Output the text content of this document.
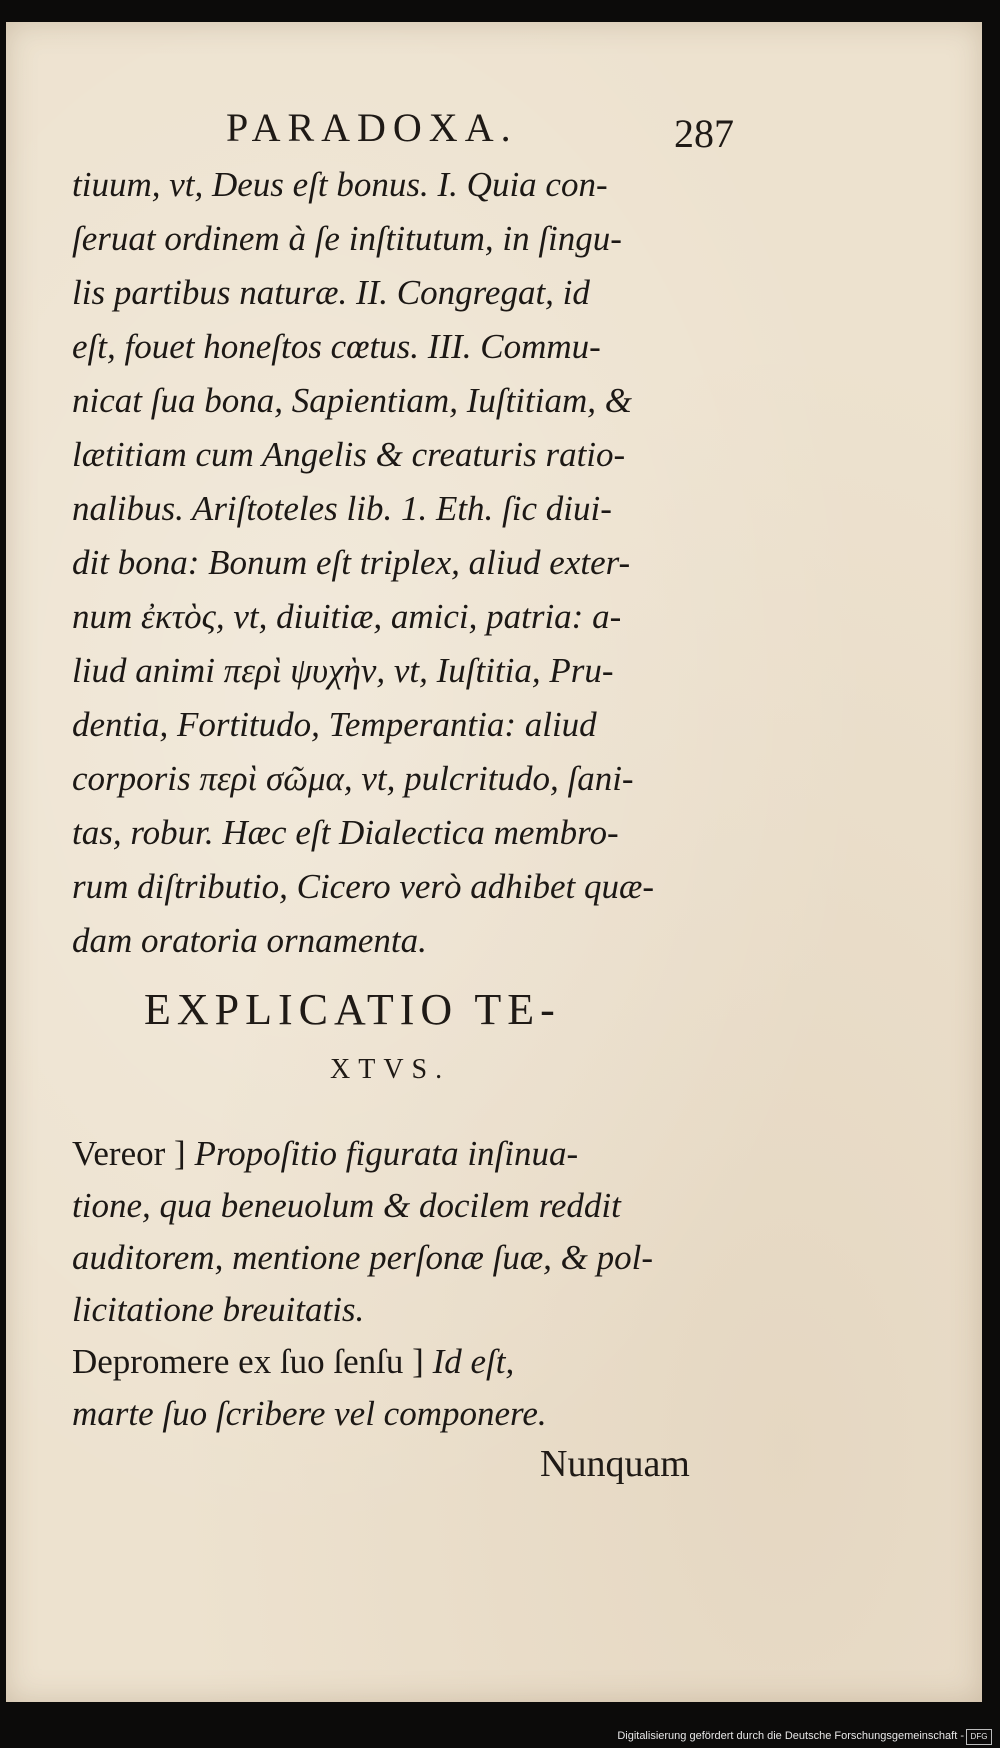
PARADOXA.	287
tiuum, vt, Deus eſt bonus. I. Quia con-
ſeruat ordinem à ſe inſtitutum, in ſingu-
lis partibus naturæ. II. Congregat, id
eſt, fouet honeſtos cœtus. III. Commu-
nicat ſua bona, Sapientiam, Iuſtitiam, &
lætitiam cum Angelis & creaturis ratio-
nalibus. Ariſtoteles lib. 1. Eth. ſic diui-
dit bona: Bonum eſt triplex, aliud exter-
num ἐκτὸς, vt, diuitiæ, amici, patria: a-
liud animi περὶ ψυχὴν, vt, Iuſtitia, Pru-
dentia, Fortitudo, Temperantia: aliud
corporis περὶ σῶμα, vt, pulcritudo, ſani-
tas, robur. Hæc eſt Dialectica membro-
rum diſtributio, Cicero verò adhibet quæ-
dam oratoria ornamenta.
EXPLICATIO TE-
XTVS.
Vereor ] Propoſitio figurata inſinua-
tione, qua beneuolum & docilem reddit
auditorem, mentione perſonæ ſuæ, & pol-
licitatione breuitatis.
Depromere ex ſuo ſenſu ] Id eſt,
marte ſuo ſcribere vel componere.
Nunquam
Digitalisierung gefördert durch die Deutsche Forschungsgemeinschaft - DFG
